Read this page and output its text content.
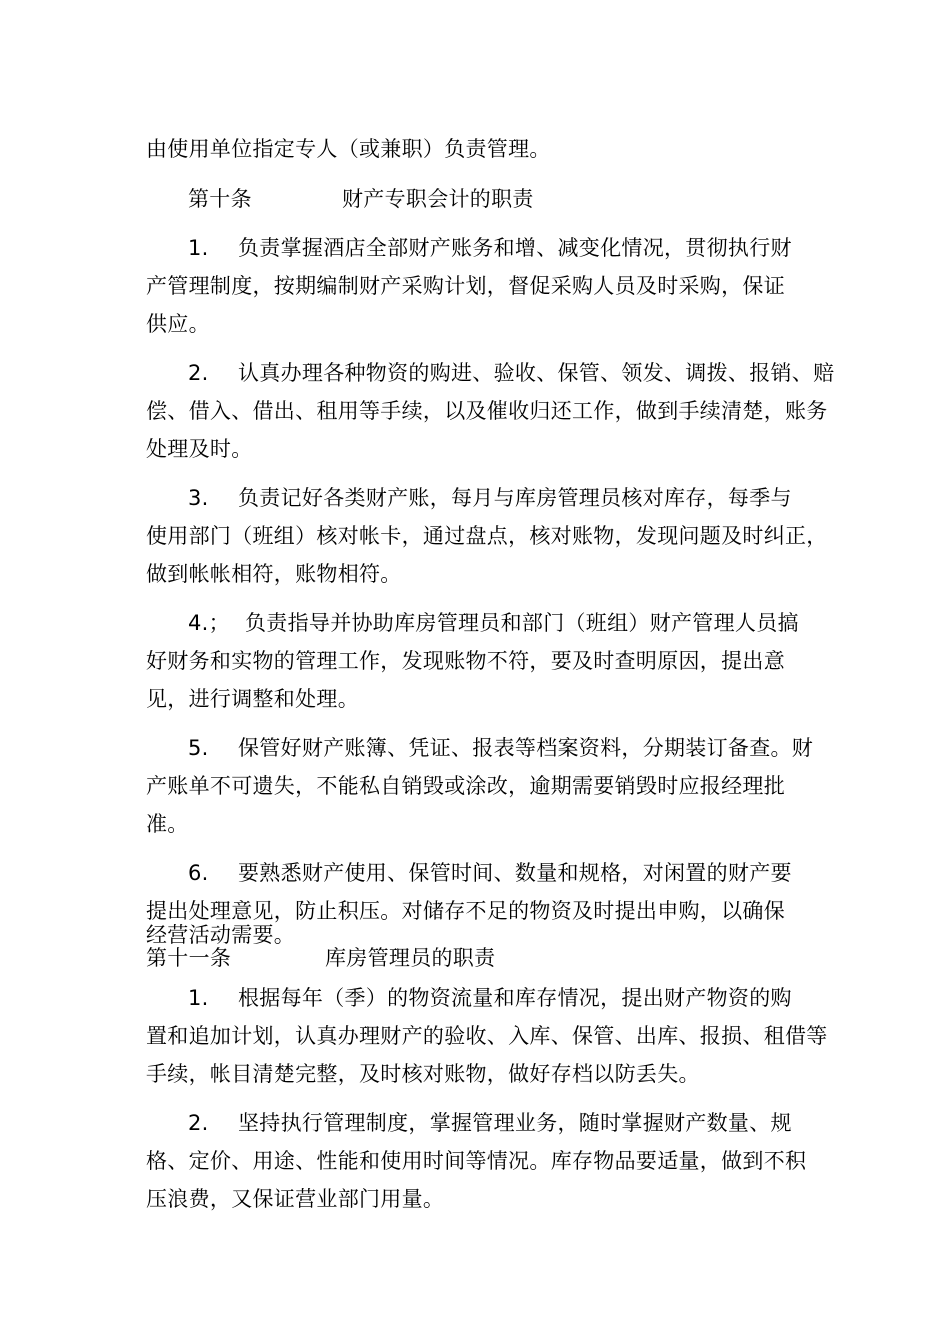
由使用单位指定专人（或兼职）负责管理。
第十条	财产专职会计的职责
1. 负责掌握酒店全部财产账务和增、减变化情况，贯彻执行财
产管理制度，按期编制财产采购计划，督促采购人员及时采购，保证
供应。
2. 认真办理各种物资的购进、验收、保管、领发、调拨、报销、赔
偿、借入、借出、租用等手续，以及催收归还工作，做到手续清楚，账务
处理及时。
3. 负责记好各类财产账，每月与库房管理员核对库存，每季与
使用部门（班组）核对帐卡，通过盘点，核对账物，发现问题及时纠正，
做到帐帐相符，账物相符。
4.； 负责指导并协助库房管理员和部门（班组）财产管理人员搞
好财务和实物的管理工作，发现账物不符，要及时查明原因，提出意
见，进行调整和处理。
5. 保管好财产账簿、凭证、报表等档案资料，分期装订备查。财
产账单不可遗失，不能私自销毁或涂改，逾期需要销毁时应报经理批
准。
6. 要熟悉财产使用、保管时间、数量和规格，对闲置的财产要
提出处理意见，防止积压。对储存不足的物资及时提出申购，以确保
经营活动需要。
第十一条	库房管理员的职责
1. 根据每年（季）的物资流量和库存情况，提出财产物资的购
置和追加计划，认真办理财产的验收、入库、保管、出库、报损、租借等
手续，帐目清楚完整，及时核对账物，做好存档以防丢失。
2. 坚持执行管理制度，掌握管理业务，随时掌握财产数量、规
格、定价、用途、性能和使用时间等情况。库存物品要适量，做到不积
压浪费，又保证营业部门用量。
